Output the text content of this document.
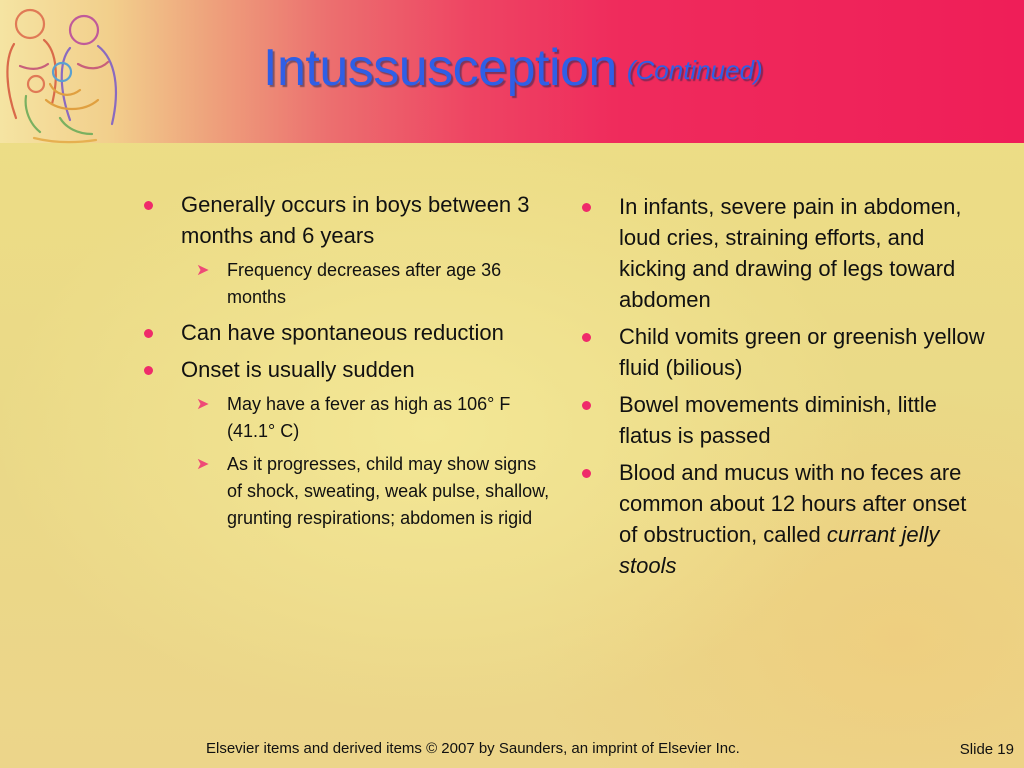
Intussusception (Continued)
Generally occurs in boys between 3 months and 6 years
➤ Frequency decreases after age 36 months
Can have spontaneous reduction
Onset is usually sudden
➤ May have a fever as high as 106° F (41.1° C)
➤ As it progresses, child may show signs of shock, sweating, weak pulse, shallow, grunting respirations; abdomen is rigid
In infants, severe pain in abdomen, loud cries, straining efforts, and kicking and drawing of legs toward abdomen
Child vomits green or greenish yellow fluid (bilious)
Bowel movements diminish, little flatus is passed
Blood and mucus with no feces are common about 12 hours after onset of obstruction, called currant jelly stools
Elsevier items and derived items © 2007 by Saunders, an imprint of Elsevier Inc.	Slide 19
